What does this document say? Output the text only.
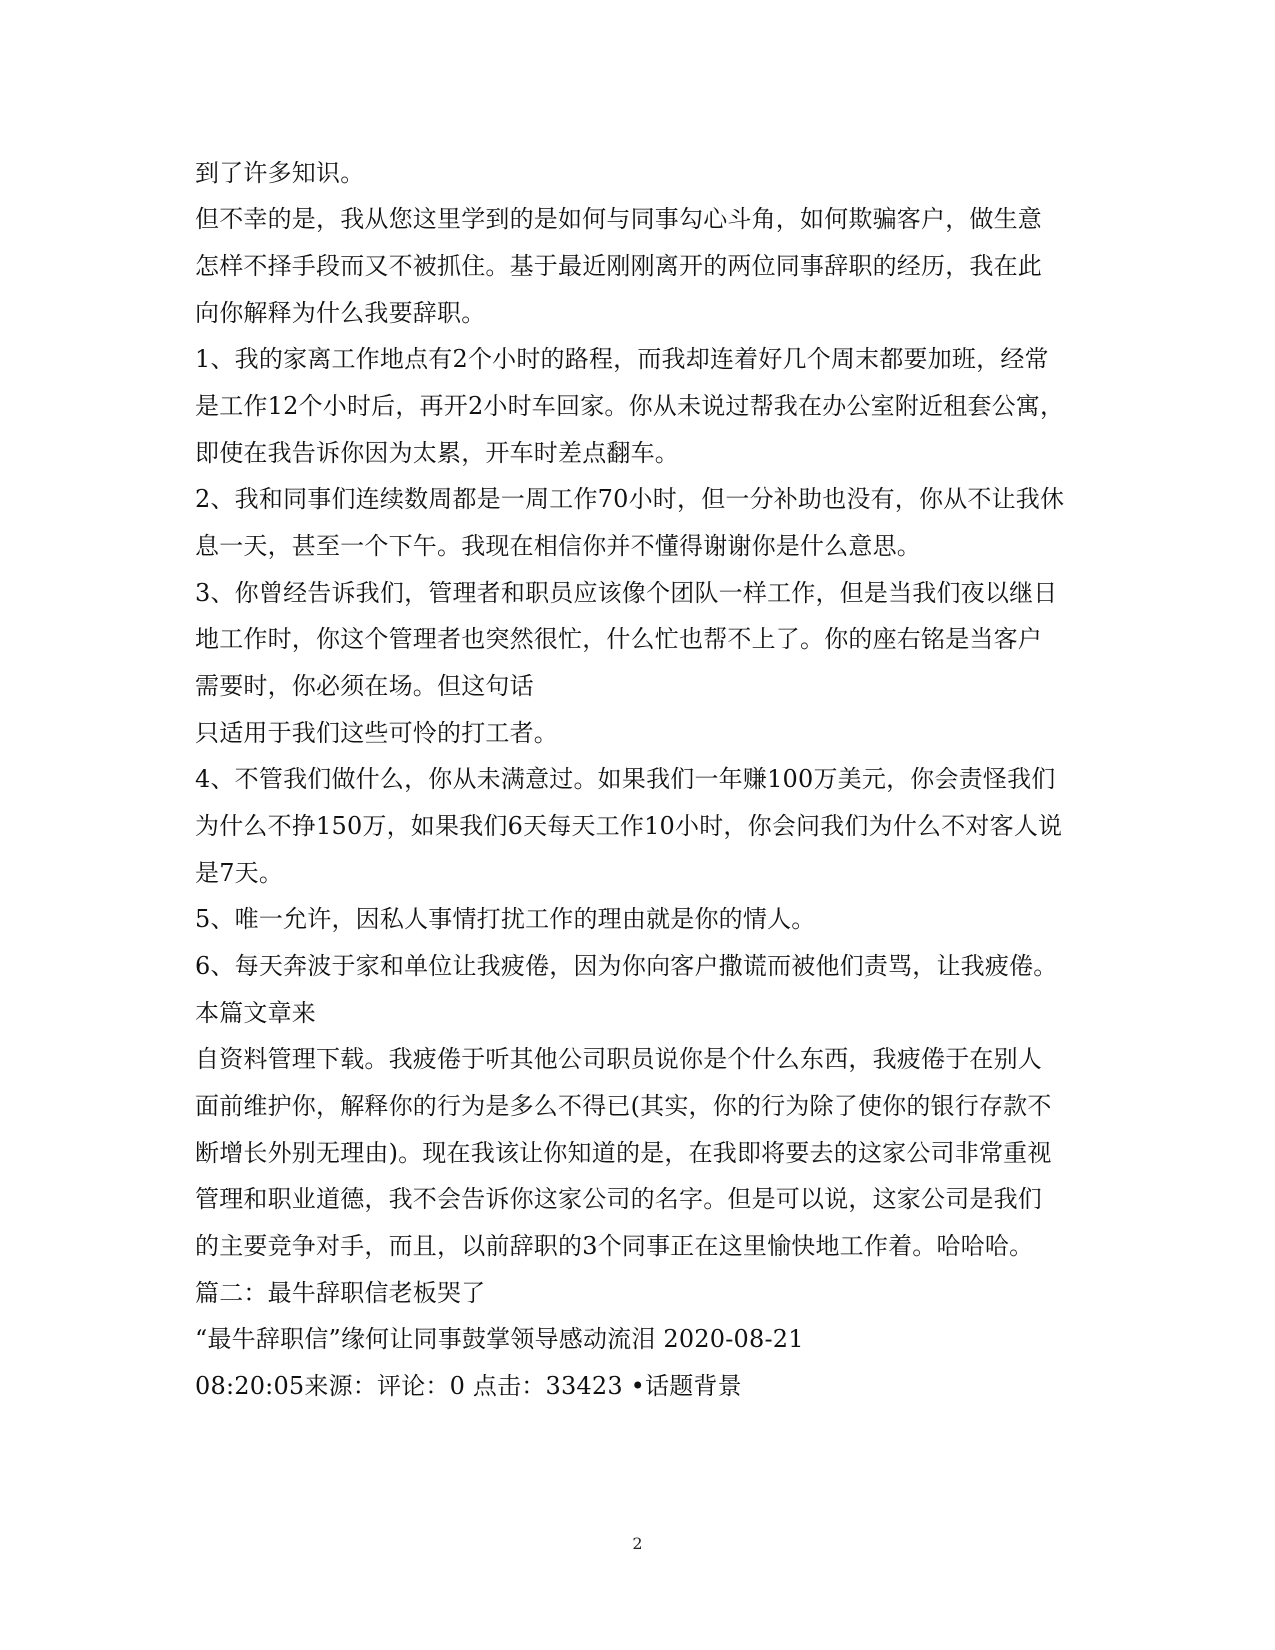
到了许多知识。
但不幸的是，我从您这里学到的是如何与同事勾心斗角，如何欺骗客户，做生意
怎样不择手段而又不被抓住。基于最近刚刚离开的两位同事辞职的经历，我在此
向你解释为什么我要辞职。
1、我的家离工作地点有2个小时的路程，而我却连着好几个周末都要加班，经常
是工作12个小时后，再开2小时车回家。你从未说过帮我在办公室附近租套公寓，
即使在我告诉你因为太累，开车时差点翻车。
2、我和同事们连续数周都是一周工作70小时，但一分补助也没有，你从不让我休
息一天，甚至一个下午。我现在相信你并不懂得谢谢你是什么意思。
3、你曾经告诉我们，管理者和职员应该像个团队一样工作，但是当我们夜以继日
地工作时，你这个管理者也突然很忙，什么忙也帮不上了。你的座右铭是当客户
需要时，你必须在场。但这句话
只适用于我们这些可怜的打工者。
4、不管我们做什么，你从未满意过。如果我们一年赚100万美元，你会责怪我们
为什么不挣150万，如果我们6天每天工作10小时，你会问我们为什么不对客人说
是7天。
5、唯一允许，因私人事情打扰工作的理由就是你的情人。
6、每天奔波于家和单位让我疲倦，因为你向客户撒谎而被他们责骂，让我疲倦。
本篇文章来
自资料管理下载。我疲倦于听其他公司职员说你是个什么东西，我疲倦于在别人
面前维护你，解释你的行为是多么不得已(其实，你的行为除了使你的银行存款不
断增长外别无理由)。现在我该让你知道的是，在我即将要去的这家公司非常重视
管理和职业道德，我不会告诉你这家公司的名字。但是可以说，这家公司是我们
的主要竞争对手，而且，以前辞职的3个同事正在这里愉快地工作着。哈哈哈。
篇二：最牛辞职信老板哭了
“最牛辞职信”缘何让同事鼓掌领导感动流泪 2020-08-21
08:20:05来源：评论：0 点击：33423 •话题背景
2
